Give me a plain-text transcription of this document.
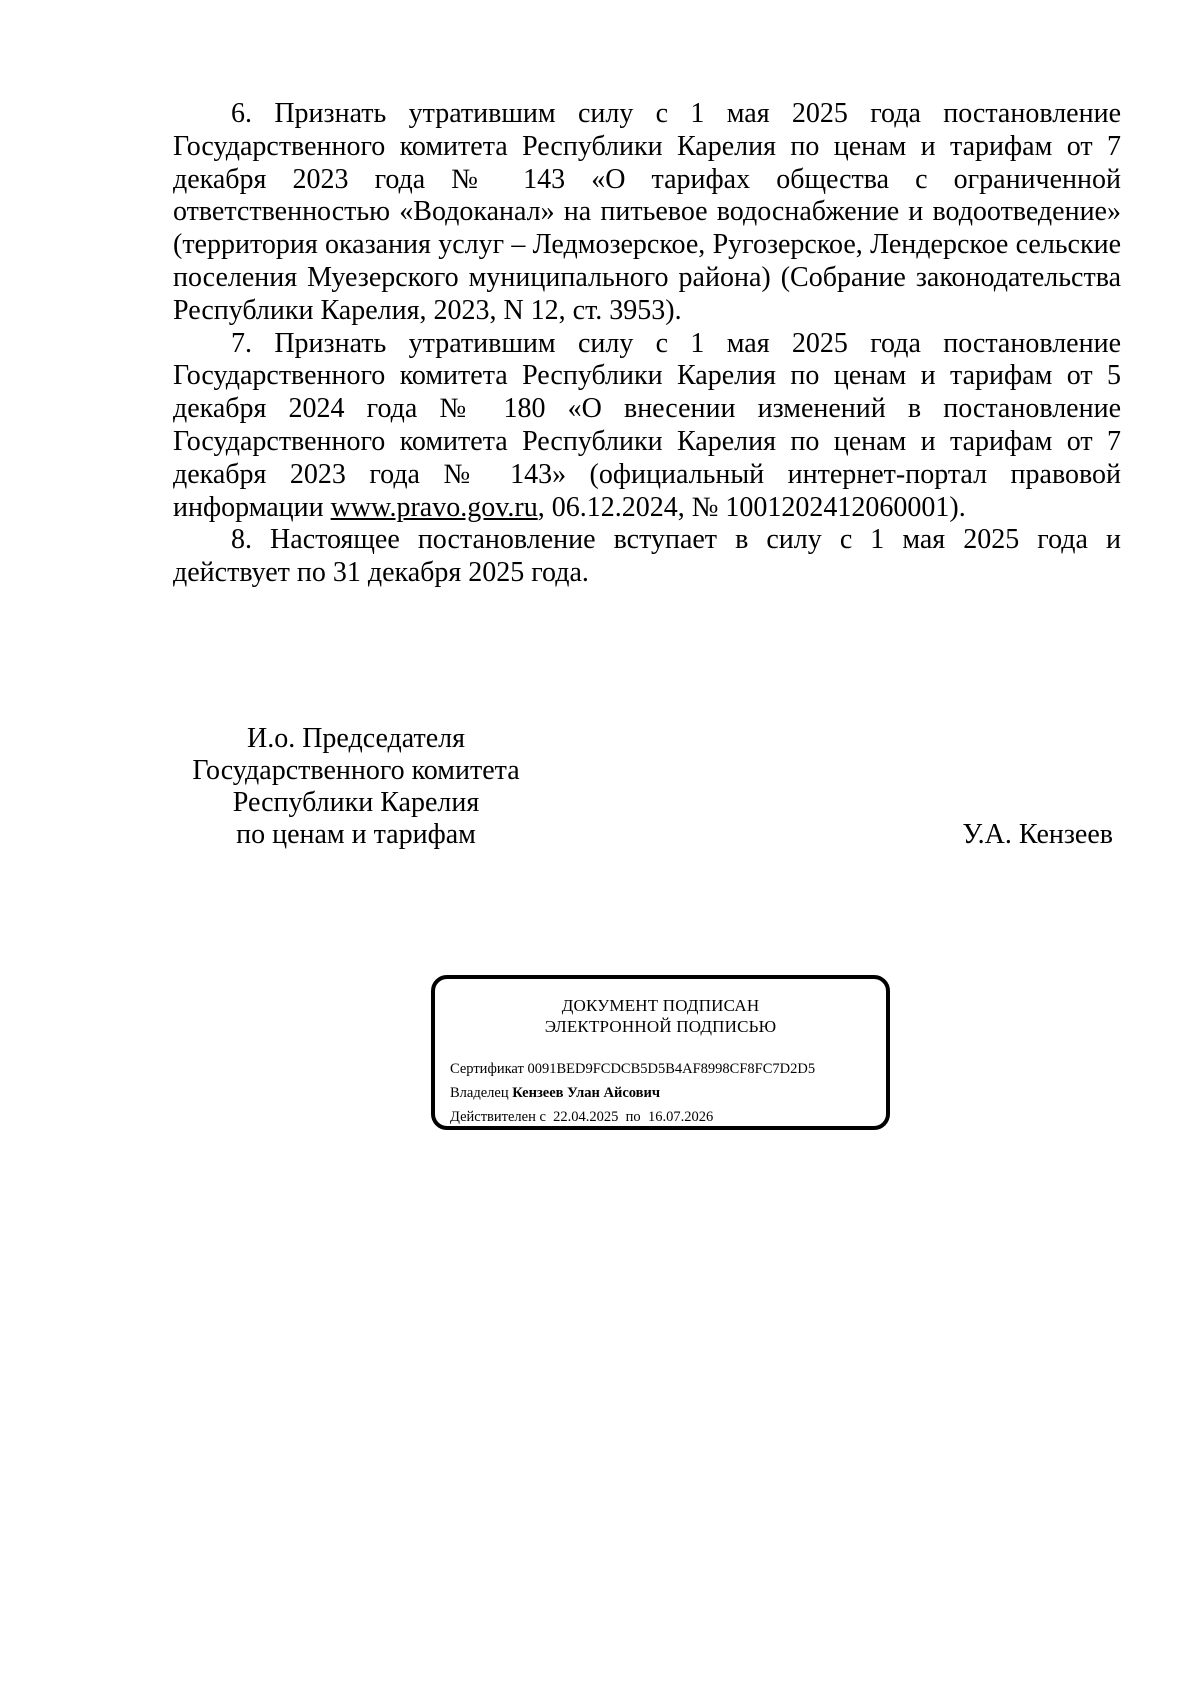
6. Признать утратившим силу с 1 мая 2025 года постановление Государственного комитета Республики Карелия по ценам и тарифам от 7 декабря 2023 года № 143 «О тарифах общества с ограниченной ответственностью «Водоканал» на питьевое водоснабжение и водоотведение» (территория оказания услуг – Ледмозерское, Ругозерское, Лендерское сельские поселения Муезерского муниципального района) (Собрание законодательства Республики Карелия, 2023, N 12, ст. 3953).

7. Признать утратившим силу с 1 мая 2025 года постановление Государственного комитета Республики Карелия по ценам и тарифам от 5 декабря 2024 года № 180 «О внесении изменений в постановление Государственного комитета Республики Карелия по ценам и тарифам от 7 декабря 2023 года № 143» (официальный интернет-портал правовой информации www.pravo.gov.ru, 06.12.2024, № 1001202412060001).

8. Настоящее постановление вступает в силу с 1 мая 2025 года и действует по 31 декабря 2025 года.

И.о. Председателя
Государственного комитета
Республики Карелия
по ценам и тарифам	У.А. Кензеев
ДОКУМЕНТ ПОДПИСАН
ЭЛЕКТРОННОЙ ПОДПИСЬЮ
Сертификат 0091BED9FCDCB5D5B4AF8998CF8FC7D2D5
Владелец Кензеев Улан Айсович
Действителен с 22.04.2025 по 16.07.2026
